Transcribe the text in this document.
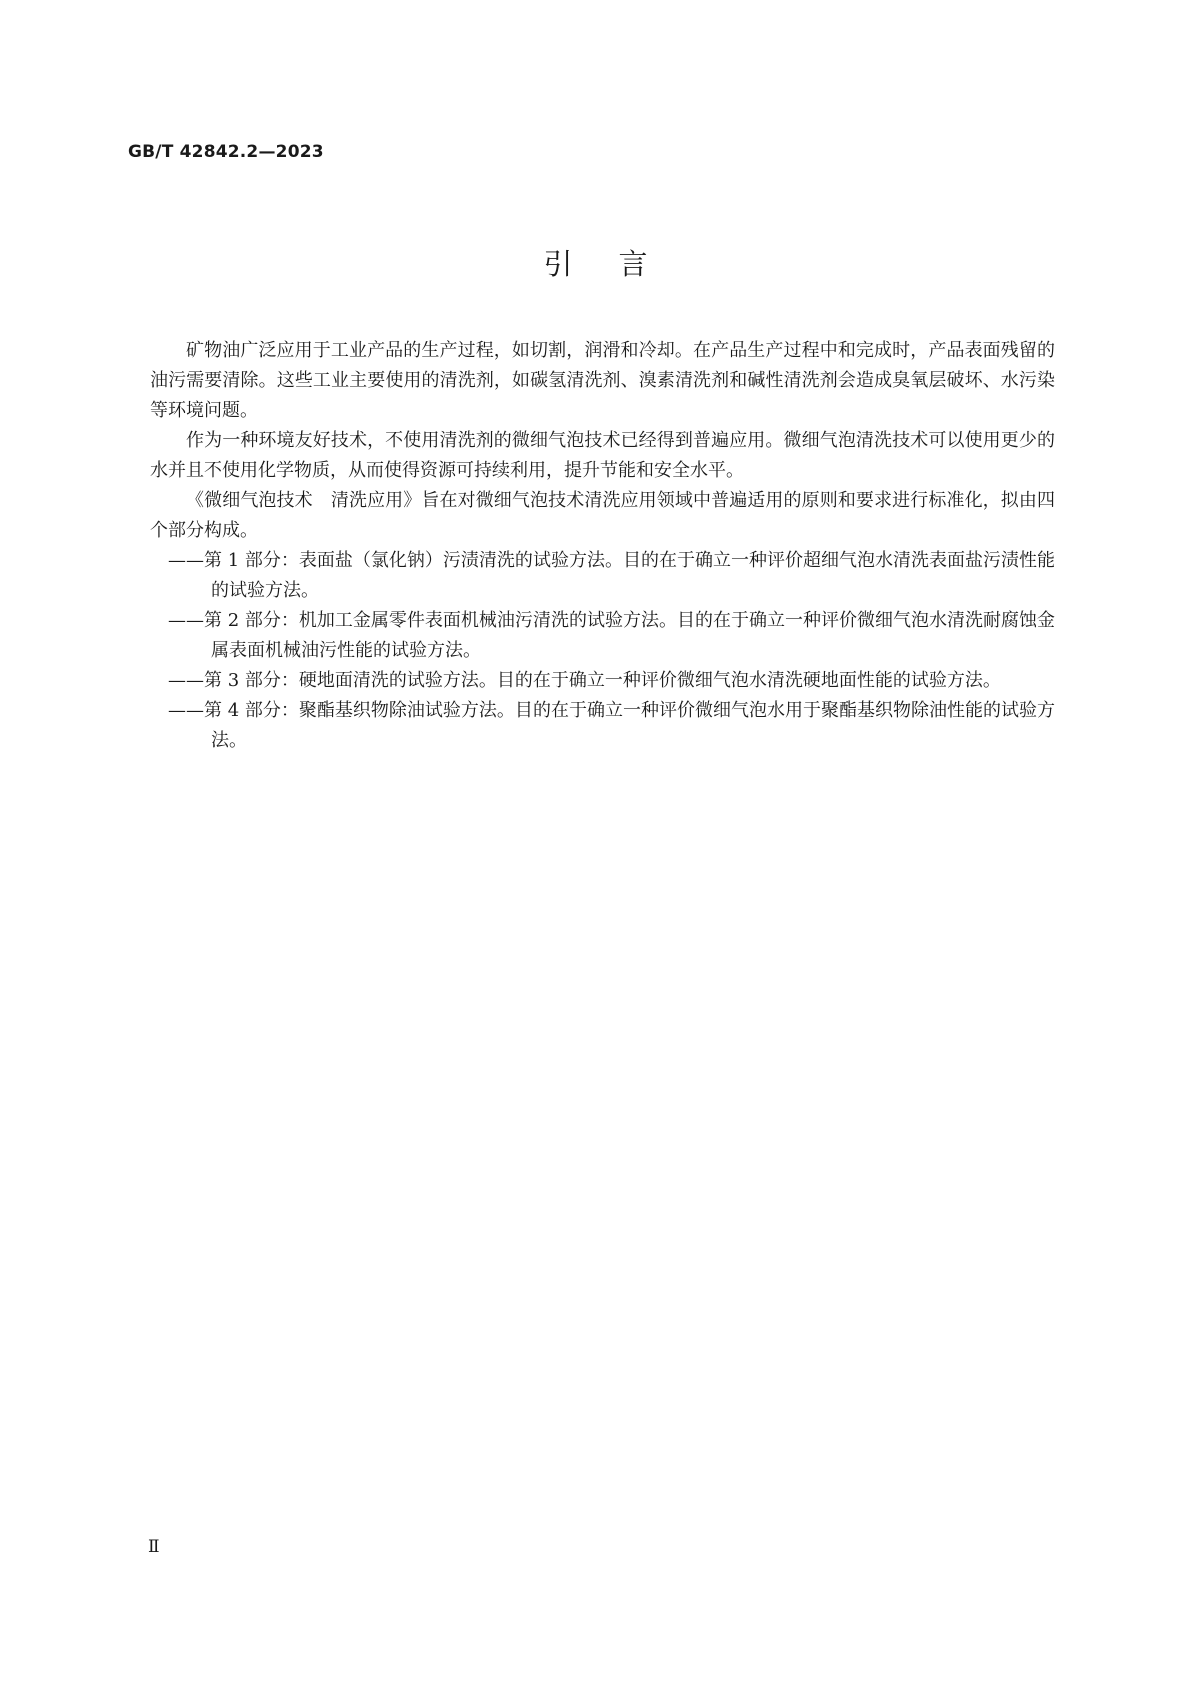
GB/T 42842.2—2023
引言

矿物油广泛应用于工业产品的生产过程，如切割，润滑和冷却。在产品生产过程中和完成时，产品表面残留的油污需要清除。这些工业主要使用的清洗剂，如碳氢清洗剂、溴素清洗剂和碱性清洗剂会造成臭氧层破坏、水污染等环境问题。

作为一种环境友好技术，不使用清洗剂的微细气泡技术已经得到普遍应用。微细气泡清洗技术可以使用更少的水并且不使用化学物质，从而使得资源可持续利用，提升节能和安全水平。

《微细气泡技术　清洗应用》旨在对微细气泡技术清洗应用领域中普遍适用的原则和要求进行标准化，拟由四个部分构成。

——第 1 部分：表面盐（氯化钠）污渍清洗的试验方法。目的在于确立一种评价超细气泡水清洗表面盐污渍性能的试验方法。

——第 2 部分：机加工金属零件表面机械油污清洗的试验方法。目的在于确立一种评价微细气泡水清洗耐腐蚀金属表面机械油污性能的试验方法。

——第 3 部分：硬地面清洗的试验方法。目的在于确立一种评价微细气泡水清洗硬地面性能的试验方法。

——第 4 部分：聚酯基织物除油试验方法。目的在于确立一种评价微细气泡水用于聚酯基织物除油性能的试验方法。

Ⅱ
